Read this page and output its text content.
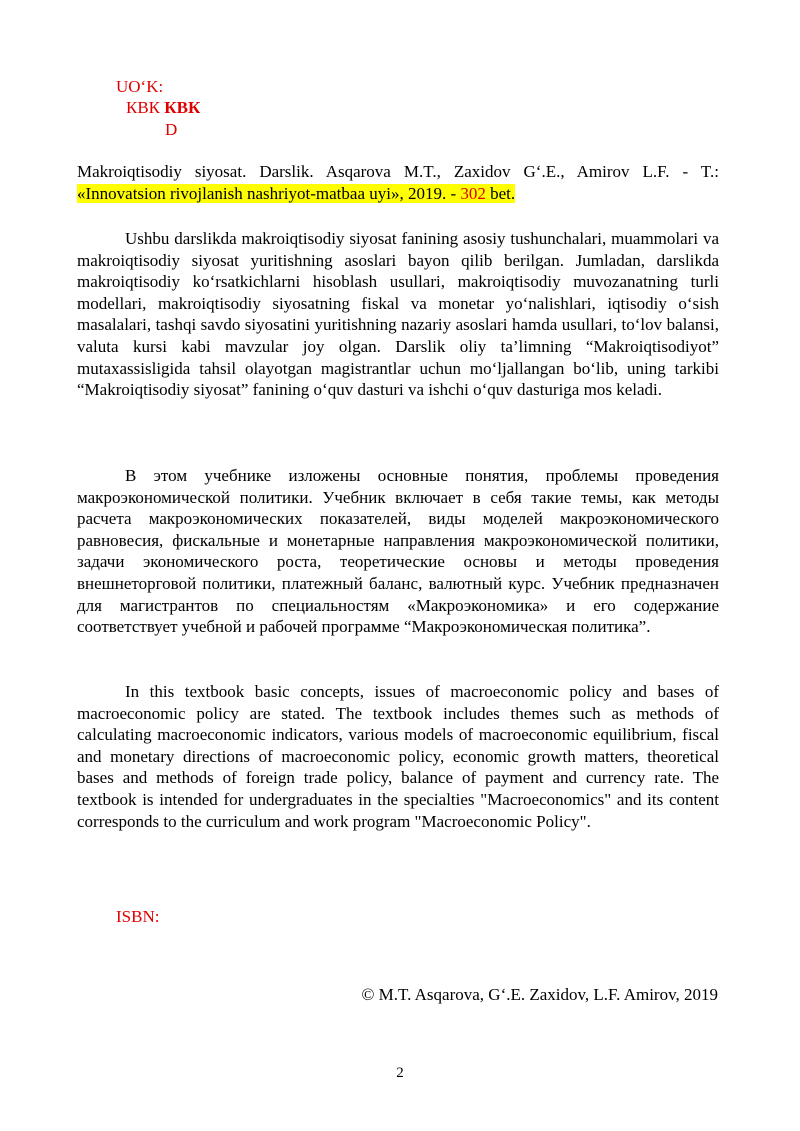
UO‘K:
КВК КВК
D
Makroiqtisodiy siyosat. Darslik. Asqarova M.T., Zaxidov G‘.E., Amirov L.F. - T.: «Innovatsion rivojlanish nashriyot-matbaa uyi», 2019. - 302 bet.

Ushbu darslikda makroiqtisodiy siyosat fanining asosiy tushunchalari, muammolari va makroiqtisodiy siyosat yuritishning asoslari bayon qilib berilgan. Jumladan, darslikda makroiqtisodiy ko‘rsatkichlarni hisoblash usullari, makroiqtisodiy muvozanatning turli modellari, makroiqtisodiy siyosatning fiskal va monetar yo‘nalishlari, iqtisodiy o‘sish masalalari, tashqi savdo siyosatini yuritishning nazariy asoslari hamda usullari, to‘lov balansi, valuta kursi kabi mavzular joy olgan. Darslik oliy ta’limning “Makroiqtisodiyot” mutaxassisligida tahsil olayotgan magistrantlar uchun mo‘ljallangan bo‘lib, uning tarkibi “Makroiqtisodiy siyosat” fanining o‘quv dasturi va ishchi o‘quv dasturiga mos keladi.

В этом учебнике изложены основные понятия, проблемы проведения макроэкономической политики. Учебник включает в себя такие темы, как методы расчета макроэкономических показателей, виды моделей макроэкономического равновесия, фискальные и монетарные направления макроэкономической политики, задачи экономического роста, теоретические основы и методы проведения внешнеторговой политики, платежный баланс, валютный курс. Учебник предназначен для магистрантов по специальностям «Макроэкономика» и его содержание соответствует учебной и рабочей программе “Макроэкономическая политика”.

In this textbook basic concepts, issues of macroeconomic policy and bases of macroeconomic policy are stated. The textbook includes themes such as methods of calculating macroeconomic indicators, various models of macroeconomic equilibrium, fiscal and monetary directions of macroeconomic policy, economic growth matters, theoretical bases and methods of foreign trade policy, balance of payment and currency rate. The textbook is intended for undergraduates in the specialties "Macroeconomics" and its content corresponds to the curriculum and work program "Macroeconomic Policy".

ISBN:
© M.T. Asqarova, G‘.E. Zaxidov, L.F. Amirov, 2019
2
